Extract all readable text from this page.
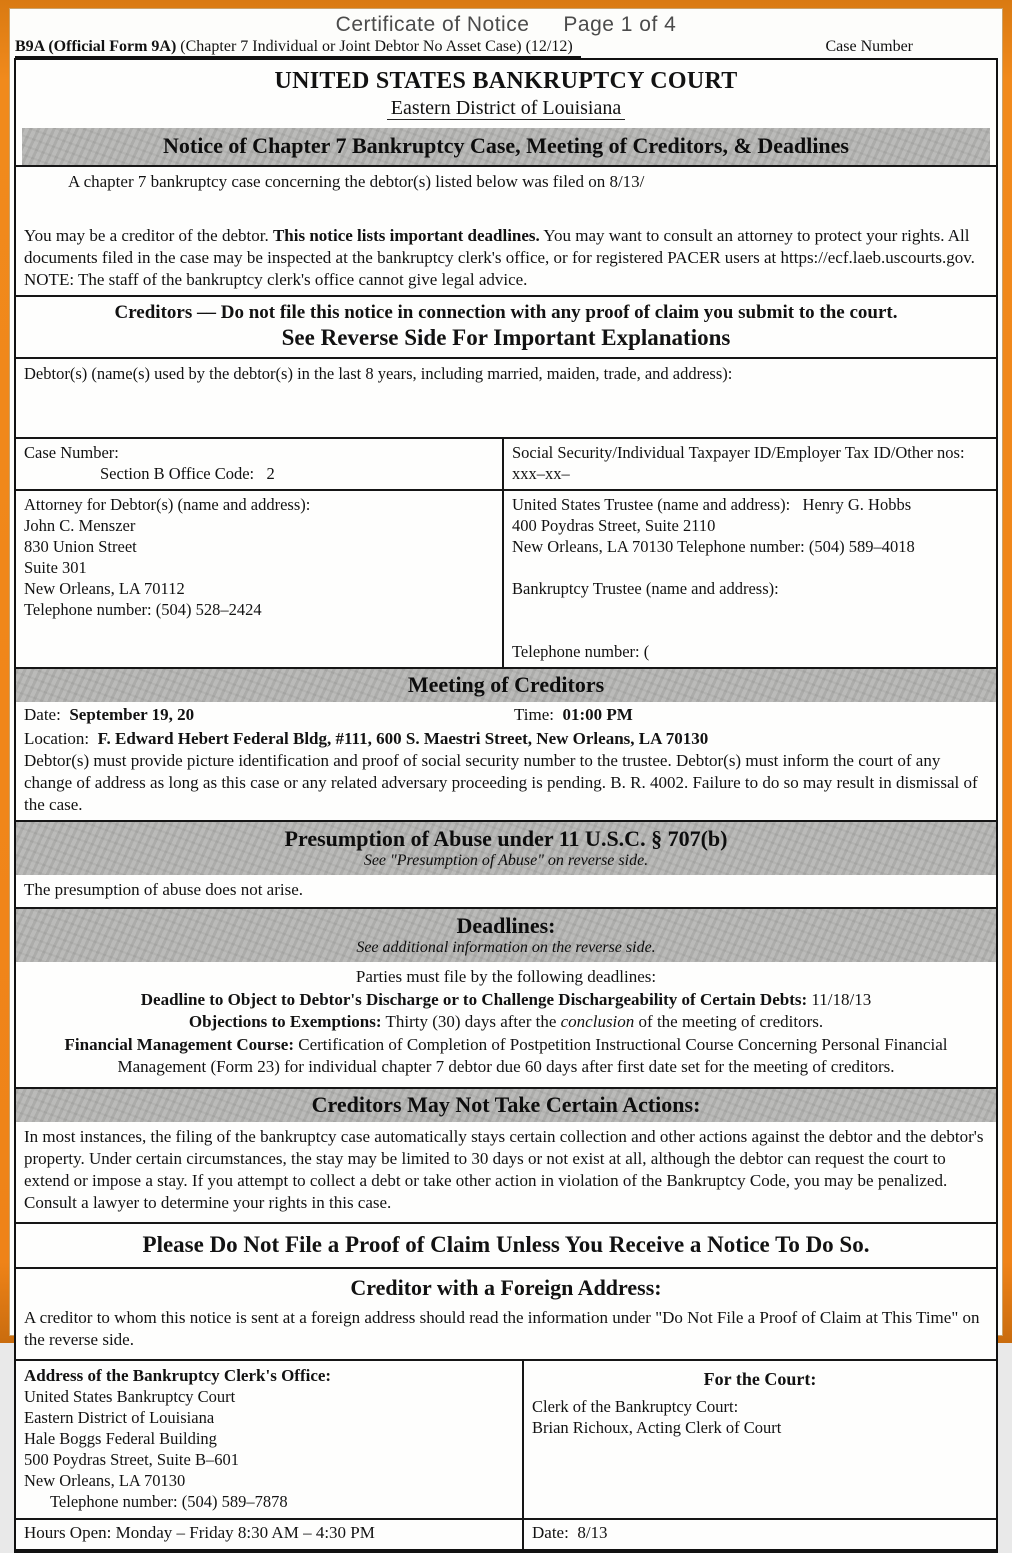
Certificate of Notice Page 1 of 4
B9A (Official Form 9A) (Chapter 7 Individual or Joint Debtor No Asset Case) (12/12)	Case Number
UNITED STATES BANKRUPTCY COURT
Eastern District of Louisiana
Notice of Chapter 7 Bankruptcy Case, Meeting of Creditors, & Deadlines
A chapter 7 bankruptcy case concerning the debtor(s) listed below was filed on 8/13/
You may be a creditor of the debtor. This notice lists important deadlines. You may want to consult an attorney to protect your rights. All documents filed in the case may be inspected at the bankruptcy clerk's office, or for registered PACER users at https://ecf.laeb.uscourts.gov. NOTE: The staff of the bankruptcy clerk's office cannot give legal advice.
Creditors –– Do not file this notice in connection with any proof of claim you submit to the court.
See Reverse Side For Important Explanations
Debtor(s) (name(s) used by the debtor(s) in the last 8 years, including married, maiden, trade, and address):
Case Number:
Section B Office Code: 2
Social Security/Individual Taxpayer ID/Employer Tax ID/Other nos:
xxx–xx–
Attorney for Debtor(s) (name and address):
John C. Menszer
830 Union Street
Suite 301
New Orleans, LA 70112
Telephone number: (504) 528–2424
United States Trustee (name and address): Henry G. Hobbs
400 Poydras Street, Suite 2110
New Orleans, LA 70130 Telephone number: (504) 589–4018
Bankruptcy Trustee (name and address):
Telephone number: (
Meeting of Creditors
Date: September 19, 20	Time: 01:00 PM
Location: F. Edward Hebert Federal Bldg, #111, 600 S. Maestri Street, New Orleans, LA 70130
Debtor(s) must provide picture identification and proof of social security number to the trustee. Debtor(s) must inform the court of any change of address as long as this case or any related adversary proceeding is pending. B. R. 4002. Failure to do so may result in dismissal of the case.
Presumption of Abuse under 11 U.S.C. § 707(b)
See "Presumption of Abuse" on reverse side.
The presumption of abuse does not arise.
Deadlines:
See additional information on the reverse side.
Parties must file by the following deadlines:
Deadline to Object to Debtor's Discharge or to Challenge Dischargeability of Certain Debts: 11/18/13
Objections to Exemptions: Thirty (30) days after the conclusion of the meeting of creditors.
Financial Management Course: Certification of Completion of Postpetition Instructional Course Concerning Personal Financial
Management (Form 23) for individual chapter 7 debtor due 60 days after first date set for the meeting of creditors.
Creditors May Not Take Certain Actions:
In most instances, the filing of the bankruptcy case automatically stays certain collection and other actions against the debtor and the debtor's property. Under certain circumstances, the stay may be limited to 30 days or not exist at all, although the debtor can request the court to extend or impose a stay. If you attempt to collect a debt or take other action in violation of the Bankruptcy Code, you may be penalized. Consult a lawyer to determine your rights in this case.
Please Do Not File a Proof of Claim Unless You Receive a Notice To Do So.
Creditor with a Foreign Address:
A creditor to whom this notice is sent at a foreign address should read the information under "Do Not File a Proof of Claim at This Time" on the reverse side.
Address of the Bankruptcy Clerk's Office:
United States Bankruptcy Court
Eastern District of Louisiana
Hale Boggs Federal Building
500 Poydras Street, Suite B–601
New Orleans, LA 70130
Telephone number: (504) 589–7878
For the Court:
Clerk of the Bankruptcy Court:
Brian Richoux, Acting Clerk of Court
Hours Open: Monday – Friday 8:30 AM – 4:30 PM	Date: 8/13
